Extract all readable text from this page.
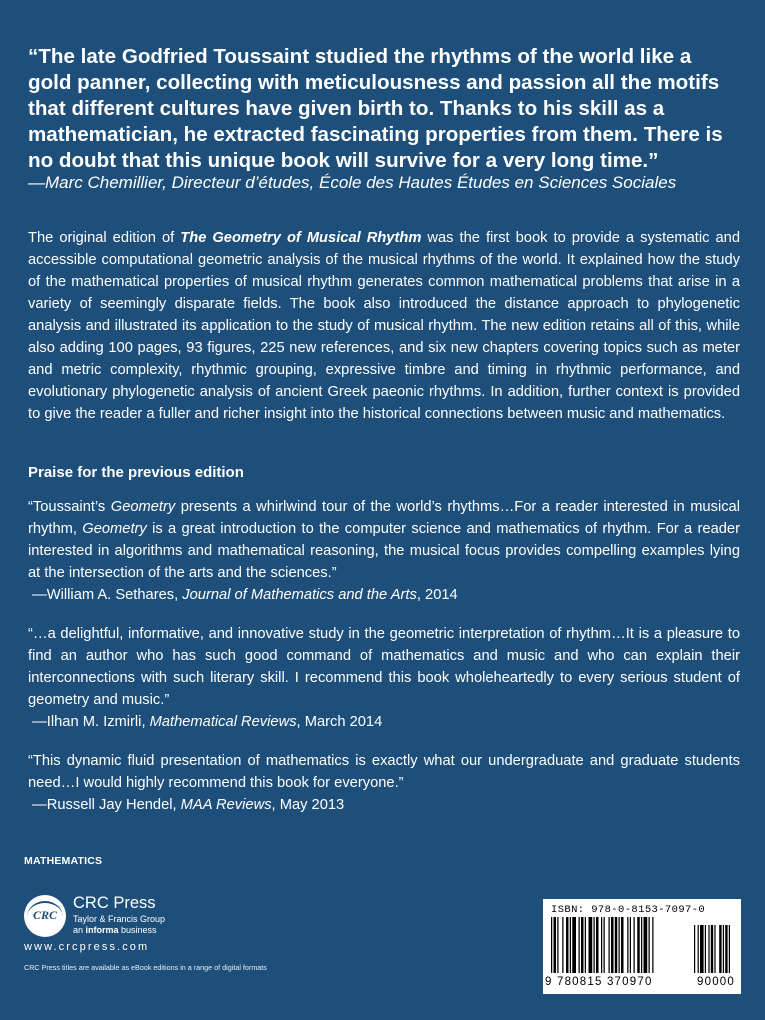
“The late Godfried Toussaint studied the rhythms of the world like a gold panner, collecting with meticulousness and passion all the motifs that different cultures have given birth to. Thanks to his skill as a mathematician, he extracted fascinating properties from them. There is no doubt that this unique book will survive for a very long time.”
—Marc Chemillier, Directeur d’études, École des Hautes Études en Sciences Sociales
The original edition of The Geometry of Musical Rhythm was the first book to provide a systematic and accessible computational geometric analysis of the musical rhythms of the world. It explained how the study of the mathematical properties of musical rhythm generates common mathematical problems that arise in a variety of seemingly disparate fields. The book also introduced the distance approach to phylogenetic analysis and illustrated its application to the study of musical rhythm. The new edition retains all of this, while also adding 100 pages, 93 figures, 225 new references, and six new chapters covering topics such as meter and metric complexity, rhythmic grouping, expressive timbre and timing in rhythmic performance, and evolutionary phylogenetic analysis of ancient Greek paeonic rhythms. In addition, further context is provided to give the reader a fuller and richer insight into the historical connections between music and mathematics.
Praise for the previous edition
“Toussaint’s Geometry presents a whirlwind tour of the world’s rhythms…For a reader interested in musical rhythm, Geometry is a great introduction to the computer science and mathematics of rhythm. For a reader interested in algorithms and mathematical reasoning, the musical focus provides compelling examples lying at the intersection of the arts and the sciences.”
—William A. Sethares, Journal of Mathematics and the Arts, 2014
“…a delightful, informative, and innovative study in the geometric interpretation of rhythm…It is a pleasure to find an author who has such good command of mathematics and music and who can explain their interconnections with such literary skill. I recommend this book wholeheartedly to every serious student of geometry and music.”
—Ilhan M. Izmirli, Mathematical Reviews, March 2014
“This dynamic fluid presentation of mathematics is exactly what our undergraduate and graduate students need…I would highly recommend this book for everyone.”
—Russell Jay Hendel, MAA Reviews, May 2013
MATHEMATICS
CRC
CRC Press
Taylor & Francis Group
an informa business
www.crcpress.com
CRC Press titles are available as eBook editions in a range of digital formats
ISBN: 978-0-8153-7097-0
9 780815 370970	90000
